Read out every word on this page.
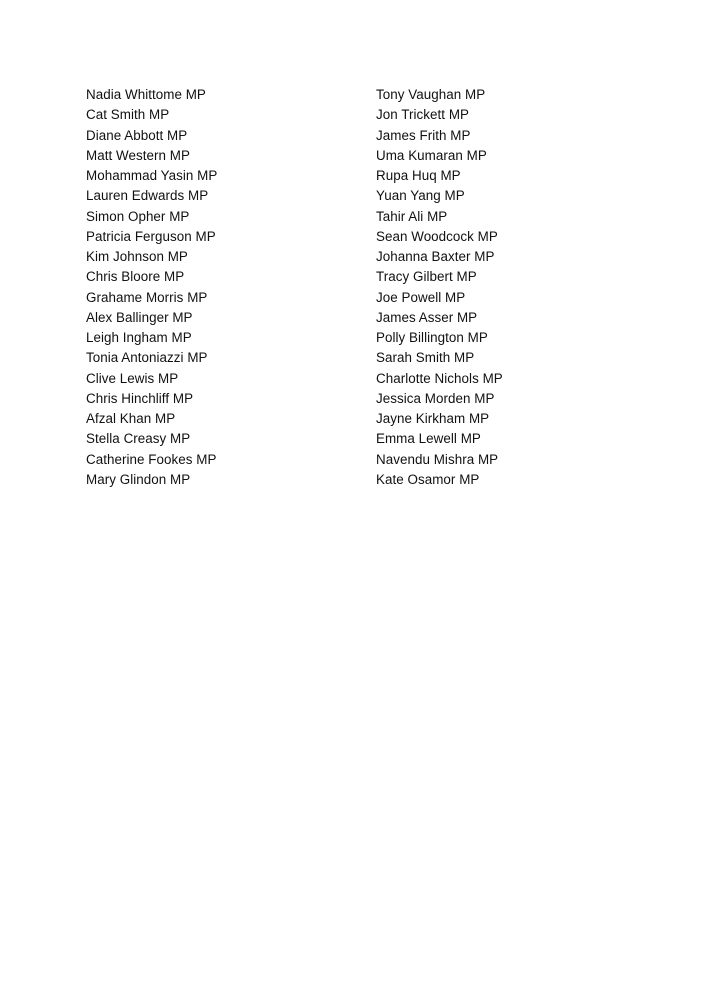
Nadia Whittome MP
Cat Smith MP
Diane Abbott MP
Matt Western MP
Mohammad Yasin MP
Lauren Edwards MP
Simon Opher MP
Patricia Ferguson MP
Kim Johnson MP
Chris Bloore MP
Grahame Morris MP
Alex Ballinger MP
Leigh Ingham MP
Tonia Antoniazzi MP
Clive Lewis MP
Chris Hinchliff MP
Afzal Khan MP
Stella Creasy MP
Catherine Fookes MP
Mary Glindon MP
Tony Vaughan MP
Jon Trickett MP
James Frith MP
Uma Kumaran MP
Rupa Huq MP
Yuan Yang MP
Tahir Ali MP
Sean Woodcock MP
Johanna Baxter MP
Tracy Gilbert MP
Joe Powell MP
James Asser MP
Polly Billington MP
Sarah Smith MP
Charlotte Nichols MP
Jessica Morden MP
Jayne Kirkham MP
Emma Lewell MP
Navendu Mishra MP
Kate Osamor MP
